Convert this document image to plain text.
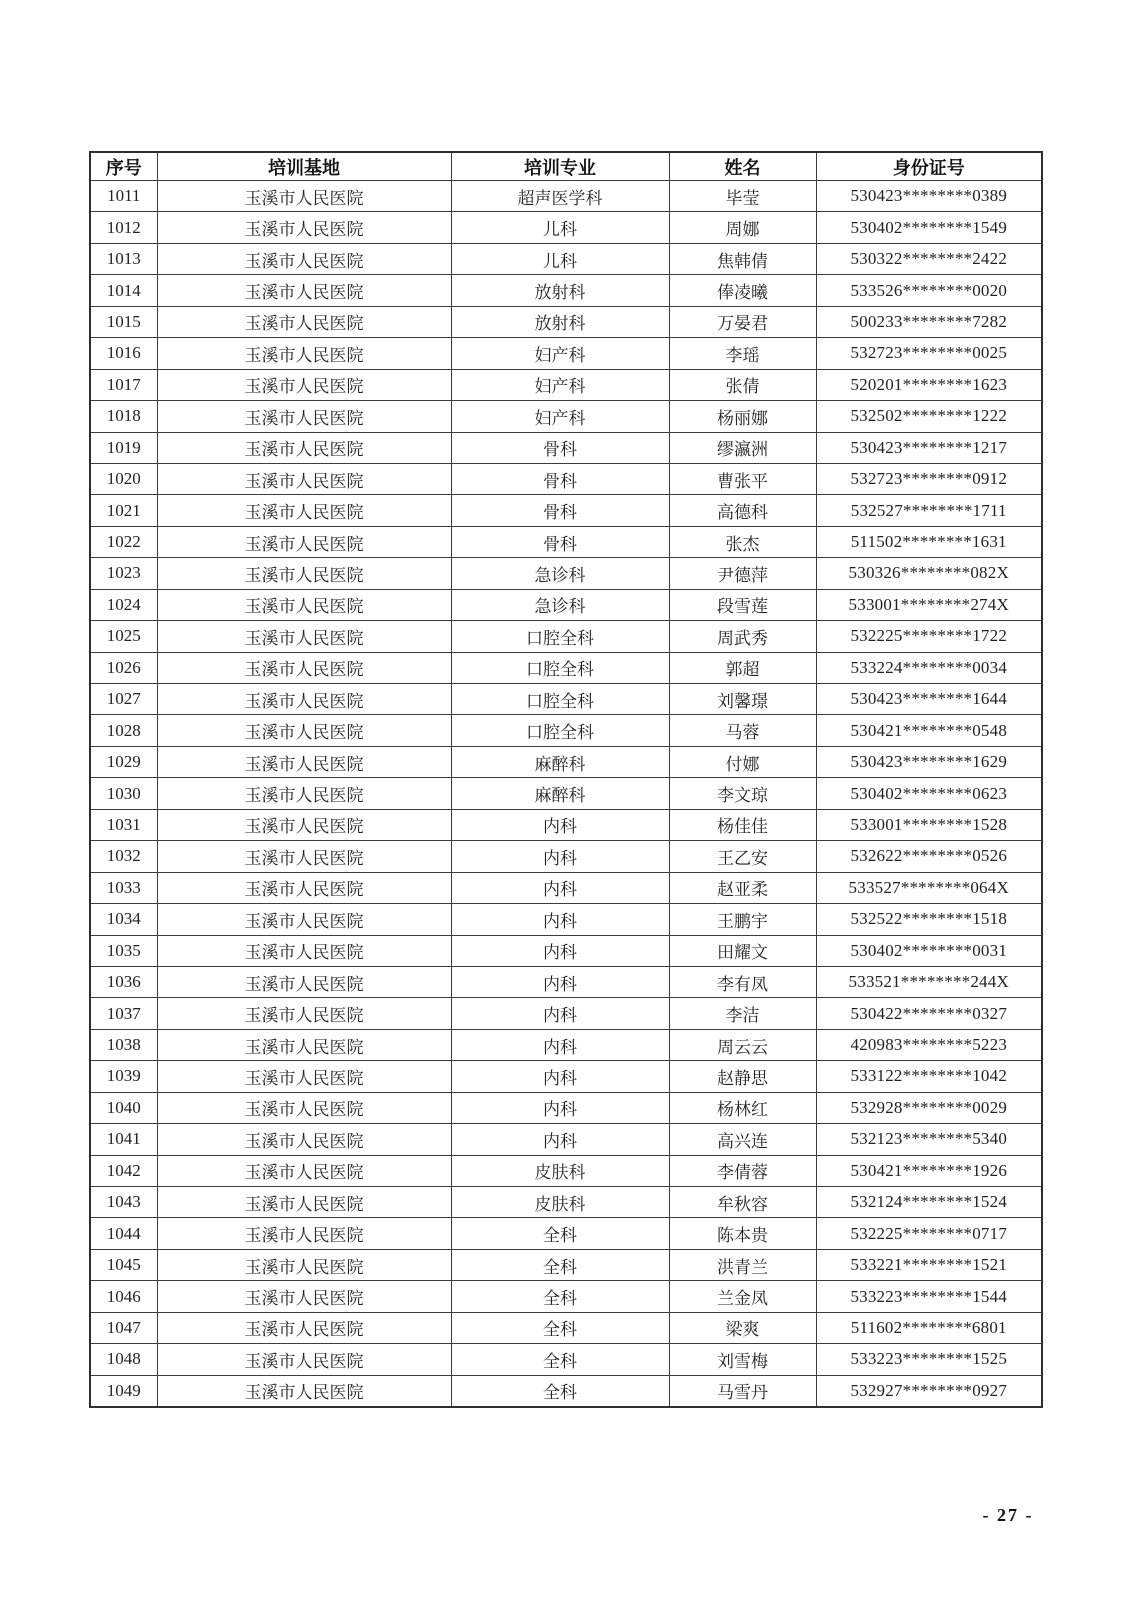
序号	培训基地	培训专业	姓名	身份证号
1011	玉溪市人民医院	超声医学科	毕莹	530423********0389
1012	玉溪市人民医院	儿科	周娜	530402********1549
1013	玉溪市人民医院	儿科	焦韩倩	530322********2422
1014	玉溪市人民医院	放射科	俸凌曦	533526********0020
1015	玉溪市人民医院	放射科	万晏君	500233********7282
1016	玉溪市人民医院	妇产科	李瑶	532723********0025
1017	玉溪市人民医院	妇产科	张倩	520201********1623
1018	玉溪市人民医院	妇产科	杨丽娜	532502********1222
1019	玉溪市人民医院	骨科	缪瀛洲	530423********1217
1020	玉溪市人民医院	骨科	曹张平	532723********0912
1021	玉溪市人民医院	骨科	高德科	532527********1711
1022	玉溪市人民医院	骨科	张杰	511502********1631
1023	玉溪市人民医院	急诊科	尹德萍	530326********082X
1024	玉溪市人民医院	急诊科	段雪莲	533001********274X
1025	玉溪市人民医院	口腔全科	周武秀	532225********1722
1026	玉溪市人民医院	口腔全科	郭超	533224********0034
1027	玉溪市人民医院	口腔全科	刘馨璟	530423********1644
1028	玉溪市人民医院	口腔全科	马蓉	530421********0548
1029	玉溪市人民医院	麻醉科	付娜	530423********1629
1030	玉溪市人民医院	麻醉科	李文琼	530402********0623
1031	玉溪市人民医院	内科	杨佳佳	533001********1528
1032	玉溪市人民医院	内科	王乙安	532622********0526
1033	玉溪市人民医院	内科	赵亚柔	533527********064X
1034	玉溪市人民医院	内科	王鹏宇	532522********1518
1035	玉溪市人民医院	内科	田耀文	530402********0031
1036	玉溪市人民医院	内科	李有凤	533521********244X
1037	玉溪市人民医院	内科	李洁	530422********0327
1038	玉溪市人民医院	内科	周云云	420983********5223
1039	玉溪市人民医院	内科	赵静思	533122********1042
1040	玉溪市人民医院	内科	杨林红	532928********0029
1041	玉溪市人民医院	内科	高兴连	532123********5340
1042	玉溪市人民医院	皮肤科	李倩蓉	530421********1926
1043	玉溪市人民医院	皮肤科	牟秋容	532124********1524
1044	玉溪市人民医院	全科	陈本贵	532225********0717
1045	玉溪市人民医院	全科	洪青兰	533221********1521
1046	玉溪市人民医院	全科	兰金凤	533223********1544
1047	玉溪市人民医院	全科	梁爽	511602********6801
1048	玉溪市人民医院	全科	刘雪梅	533223********1525
1049	玉溪市人民医院	全科	马雪丹	532927********0927
- 27 -
